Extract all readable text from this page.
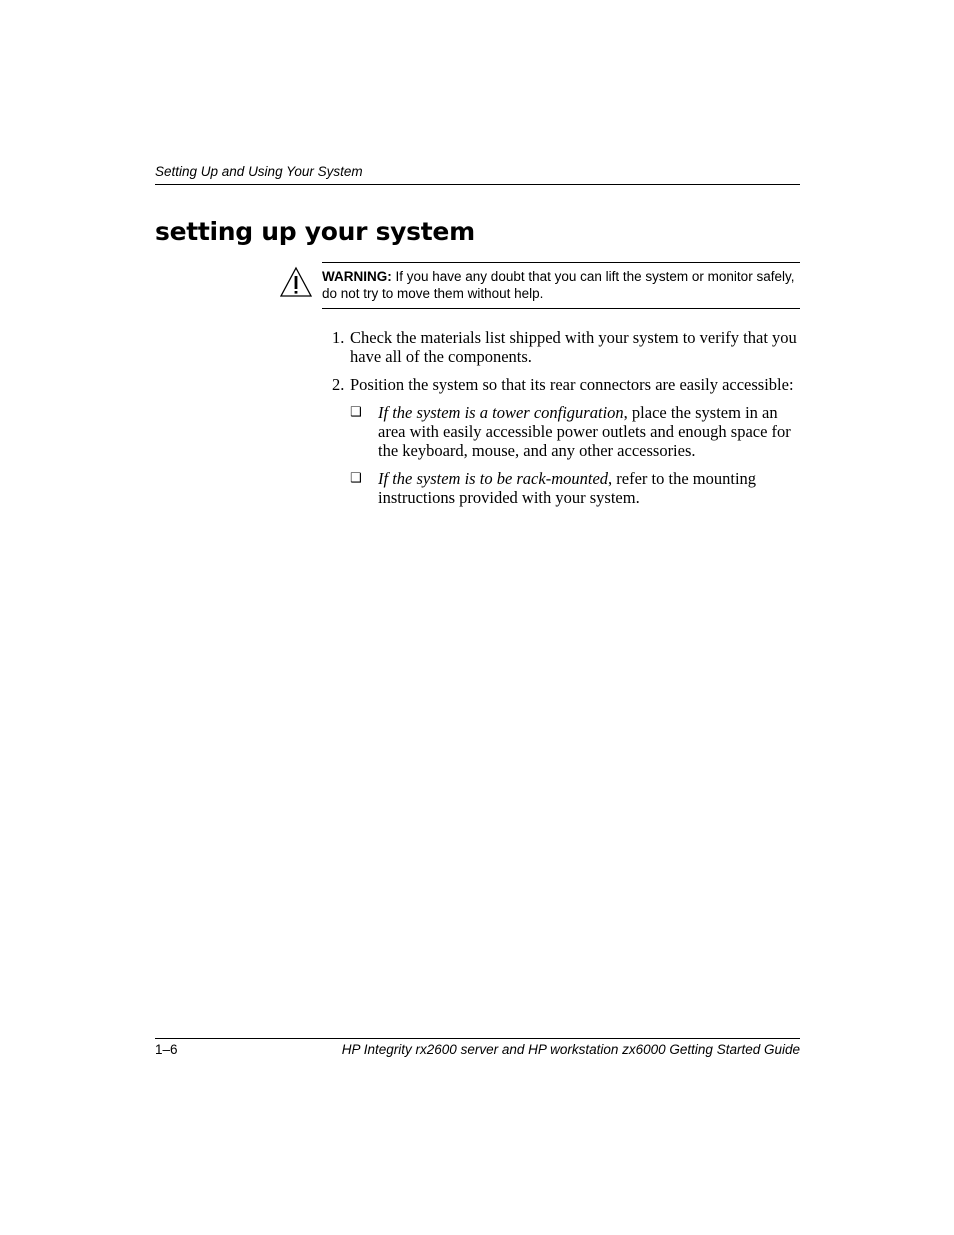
Setting Up and Using Your System
setting up your system
WARNING: If you have any doubt that you can lift the system or monitor safely, do not try to move them without help.
1. Check the materials list shipped with your system to verify that you have all of the components.
2. Position the system so that its rear connectors are easily accessible:
❑ If the system is a tower configuration, place the system in an area with easily accessible power outlets and enough space for the keyboard, mouse, and any other accessories.
❑ If the system is to be rack-mounted, refer to the mounting instructions provided with your system.
1–6	HP Integrity rx2600 server and HP workstation zx6000 Getting Started Guide
